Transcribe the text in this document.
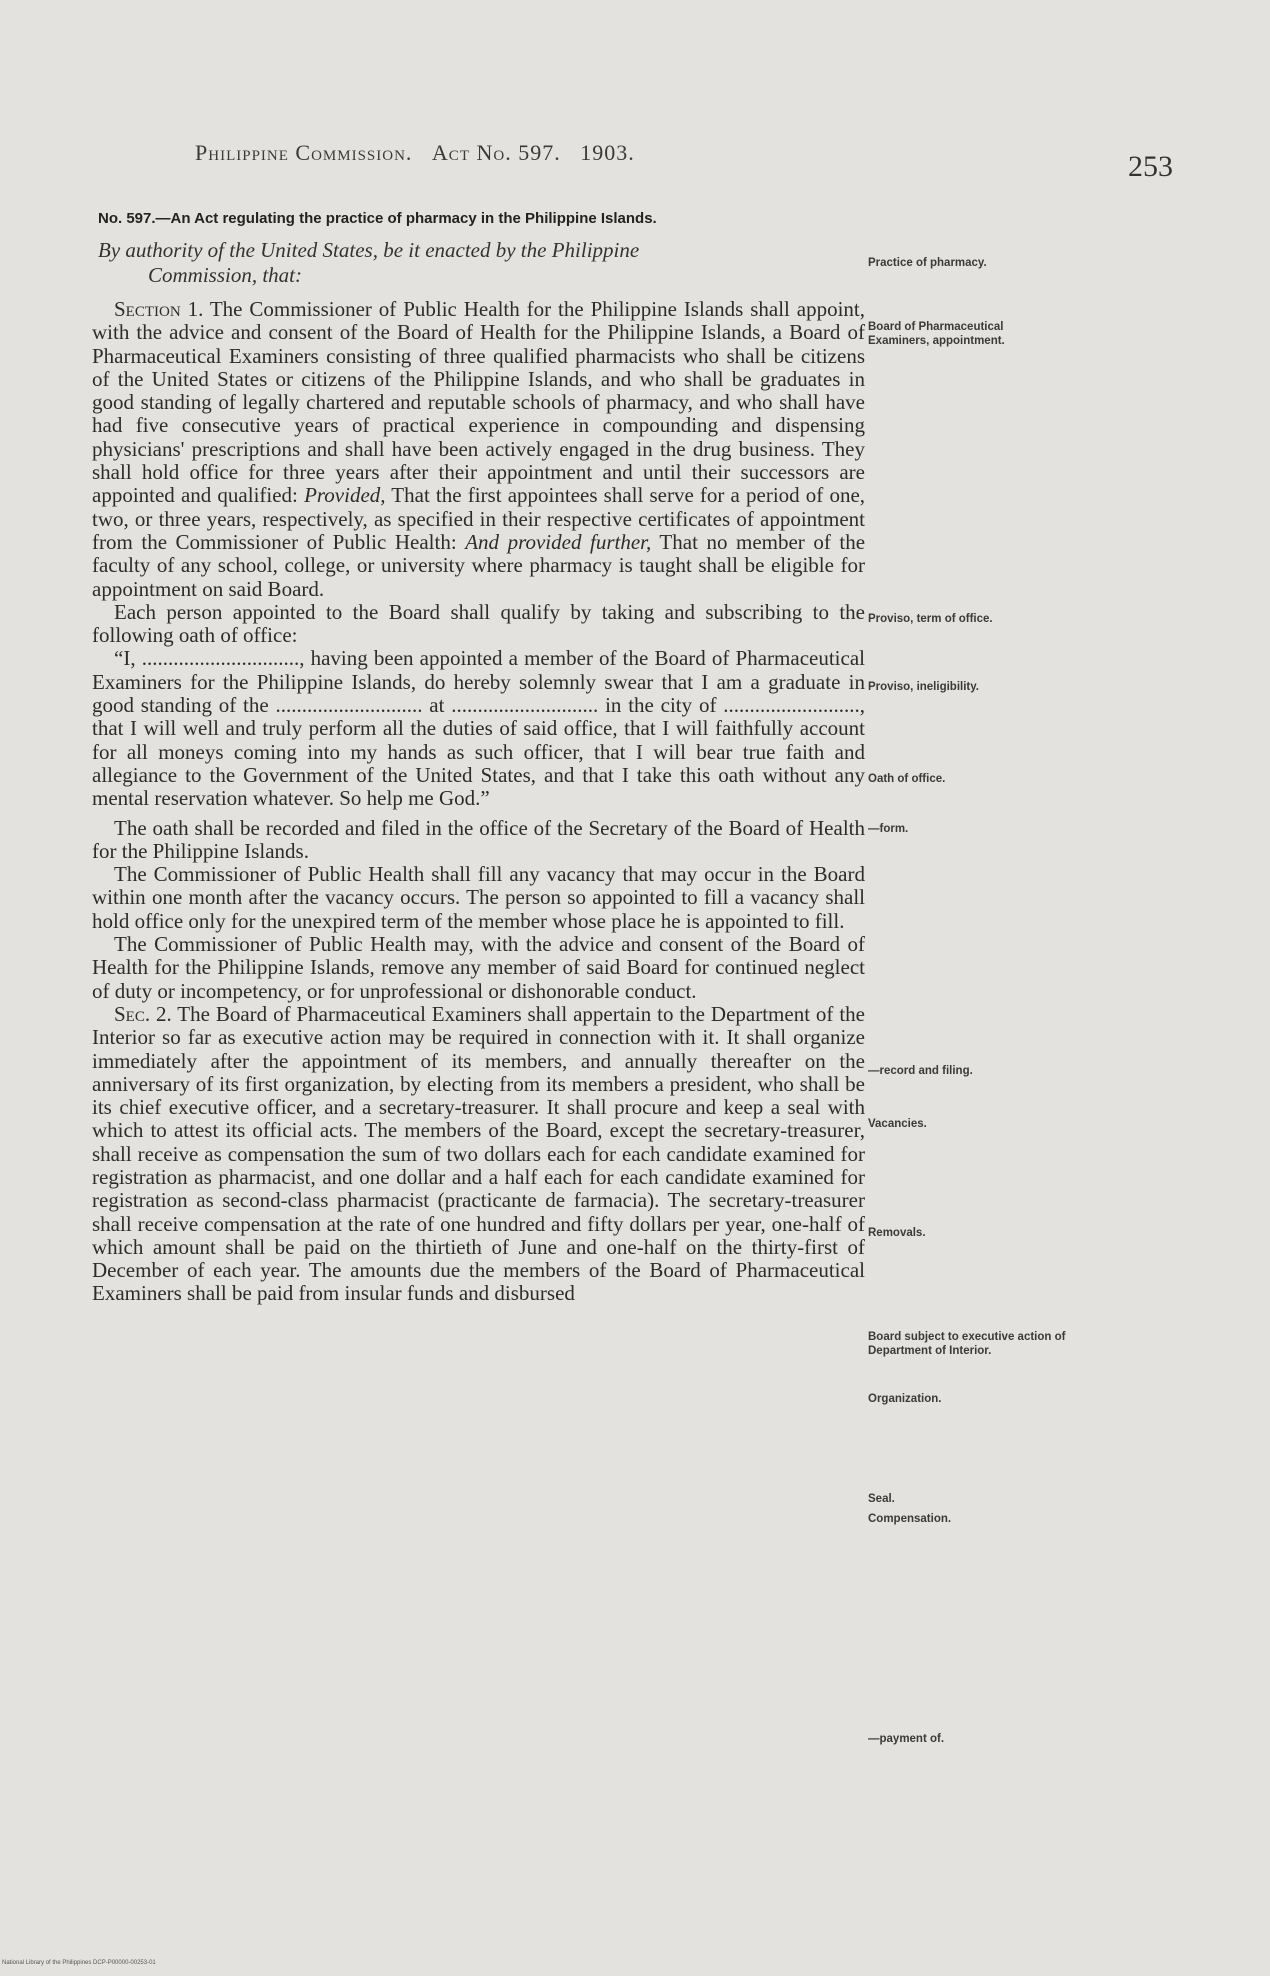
Philippine Commission. Act No. 597. 1903.	253
No. 597.—An Act regulating the practice of pharmacy in the Philippine Islands.
By authority of the United States, be it enacted by the Philippine
Commission, that:

Section 1. The Commissioner of Public Health for the Philippine Islands shall appoint, with the advice and consent of the Board of Health for the Philippine Islands, a Board of Pharmaceutical Examiners consisting of three qualified pharmacists who shall be citizens of the United States or citizens of the Philippine Islands, and who shall be graduates in good standing of legally chartered and reputable schools of pharmacy, and who shall have had five consecutive years of practical experience in compounding and dispensing physicians' prescriptions and shall have been actively engaged in the drug business. They shall hold office for three years after their appointment and until their successors are appointed and qualified: Provided, That the first appointees shall serve for a period of one, two, or three years, respectively, as specified in their respective certificates of appointment from the Commissioner of Public Health: And provided further, That no member of the faculty of any school, college, or university where pharmacy is taught shall be eligible for appointment on said Board.

Each person appointed to the Board shall qualify by taking and subscribing to the following oath of office:

“I, .............................., having been appointed a member of the Board of Pharmaceutical Examiners for the Philippine Islands, do hereby solemnly swear that I am a graduate in good standing of the ............................ at ............................ in the city of .........................., that I will well and truly perform all the duties of said office, that I will faithfully account for all moneys coming into my hands as such officer, that I will bear true faith and allegiance to the Government of the United States, and that I take this oath without any mental reservation whatever. So help me God.”

The oath shall be recorded and filed in the office of the Secretary of the Board of Health for the Philippine Islands.

The Commissioner of Public Health shall fill any vacancy that may occur in the Board within one month after the vacancy occurs. The person so appointed to fill a vacancy shall hold office only for the unexpired term of the member whose place he is appointed to fill.

The Commissioner of Public Health may, with the advice and consent of the Board of Health for the Philippine Islands, remove any member of said Board for continued neglect of duty or incompetency, or for unprofessional or dishonorable conduct.

Sec. 2. The Board of Pharmaceutical Examiners shall appertain to the Department of the Interior so far as executive action may be required in connection with it. It shall organize immediately after the appointment of its members, and annually thereafter on the anniversary of its first organization, by electing from its members a president, who shall be its chief executive officer, and a secretary-treasurer. It shall procure and keep a seal with which to attest its official acts. The members of the Board, except the secretary-treasurer, shall receive as compensation the sum of two dollars each for each candidate examined for registration as pharmacist, and one dollar and a half each for each candidate examined for registration as second-class pharmacist (practicante de farmacia). The secretary-treasurer shall receive compensation at the rate of one hundred and fifty dollars per year, one-half of which amount shall be paid on the thirtieth of June and one-half on the thirty-first of December of each year. The amounts due the members of the Board of Pharmaceutical Examiners shall be paid from insular funds and disbursed

Practice of pharmacy.
Board of Pharmaceutical Examiners, appointment.
Proviso, term of office.
Proviso, ineligibility.
Oath of office.
—form.
—record and filing.
Vacancies.
Removals.
Board subject to executive action of Department of Interior.
Organization.
Seal.
Compensation.
—payment of.
National Library of the Philippines DCP-P00000-00253-01
